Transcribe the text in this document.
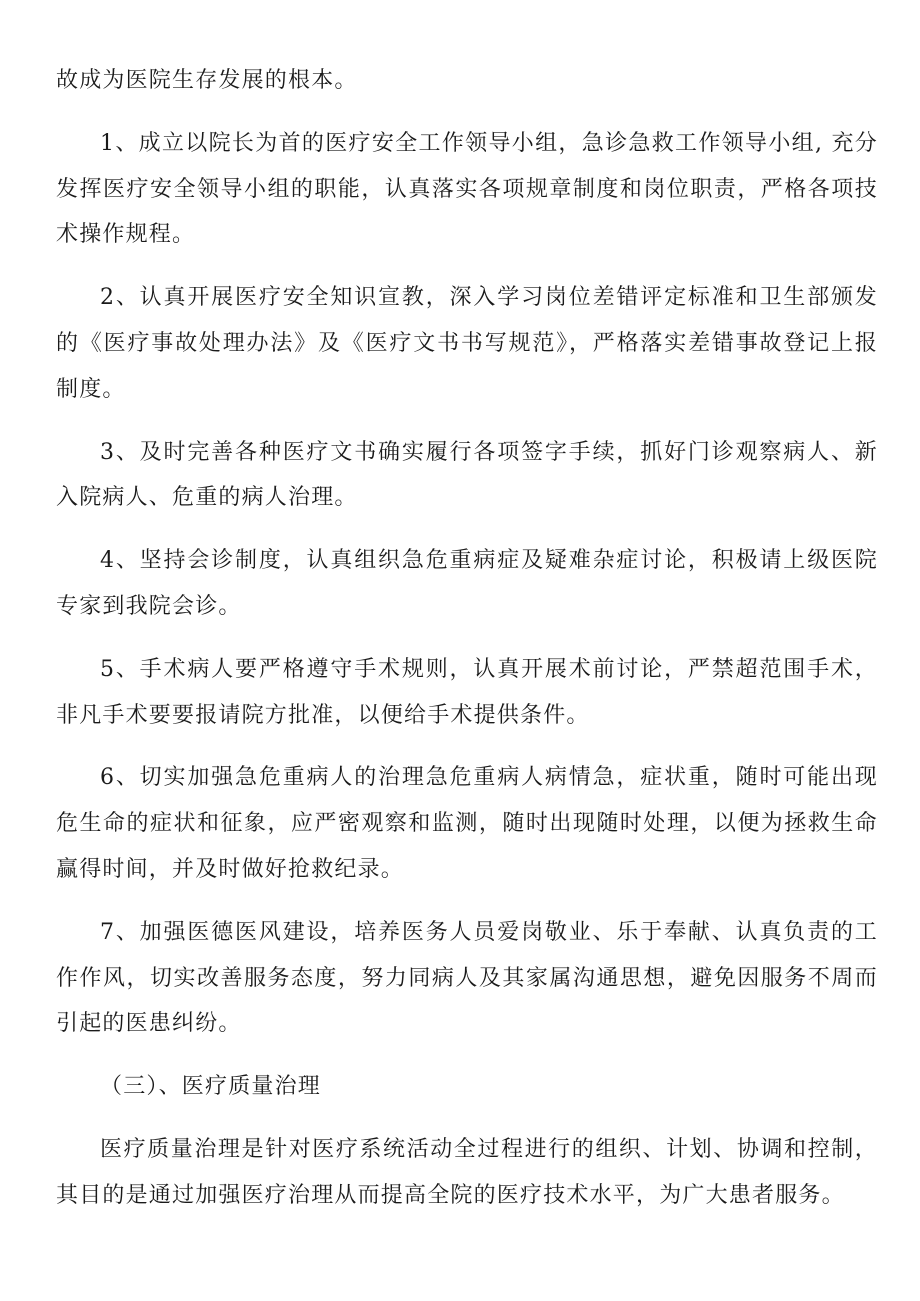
故成为医院生存发展的根本。

1、成立以院长为首的医疗安全工作领导小组，急诊急救工作领导小组, 充分发挥医疗安全领导小组的职能，认真落实各项规章制度和岗位职责，严格各项技术操作规程。

2、认真开展医疗安全知识宣教，深入学习岗位差错评定标准和卫生部颁发的《医疗事故处理办法》及《医疗文书书写规范》，严格落实差错事故登记上报制度。

3、及时完善各种医疗文书确实履行各项签字手续，抓好门诊观察病人、新入院病人、危重的病人治理。

4、坚持会诊制度，认真组织急危重病症及疑难杂症讨论，积极请上级医院专家到我院会诊。

5、手术病人要严格遵守手术规则，认真开展术前讨论，严禁超范围手术，非凡手术要要报请院方批准，以便给手术提供条件。

6、切实加强急危重病人的治理急危重病人病情急，症状重，随时可能出现危生命的症状和征象，应严密观察和监测，随时出现随时处理，以便为拯救生命赢得时间，并及时做好抢救纪录。

7、加强医德医风建设，培养医务人员爱岗敬业、乐于奉献、认真负责的工作作风，切实改善服务态度，努力同病人及其家属沟通思想，避免因服务不周而引起的医患纠纷。

（三）、医疗质量治理

医疗质量治理是针对医疗系统活动全过程进行的组织、计划、协调和控制，其目的是通过加强医疗治理从而提高全院的医疗技术水平，为广大患者服务。
